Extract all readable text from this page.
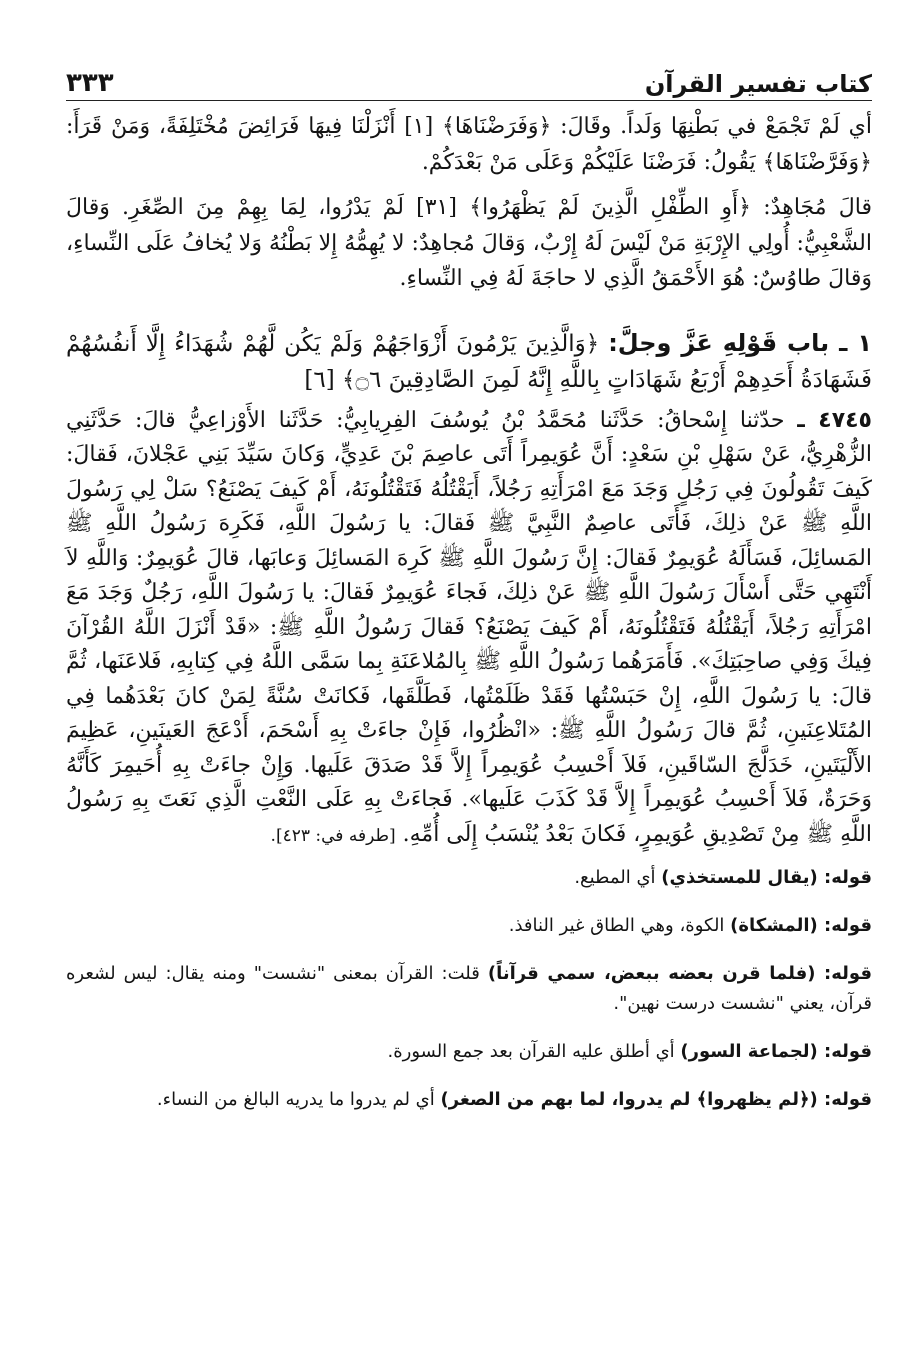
كتاب تفسير القرآن
٣٣٣

أي لَمْ تَجْمَعْ في بَطْنِهَا وَلَداً. وقَالَ: ﴿وَفَرَضْنَاهَا﴾ [١] أَنْزَلْنَا فِيهَا فَرَائِضَ مُخْتَلِفَةً، وَمَنْ قَرَأَ: ﴿وَفَرَّضْنَاهَا﴾ يَقُولُ: فَرَضْنَا عَلَيْكُمْ وَعَلَى مَنْ بَعْدَكُمْ.

قالَ مُجَاهِدٌ: ﴿أَوِ الطِّفْلِ الَّذِينَ لَمْ يَظْهَرُوا﴾ [٣١] لَمْ يَدْرُوا، لِمَا بِهِمْ مِنَ الصِّغَرِ. وَقالَ الشَّعْبِيُّ: أُولِي الإِرْبَةِ مَنْ لَيْسَ لَهُ إِرْبٌ، وَقالَ مُجاهِدٌ: لا يُهِمُّهُ إِلا بَطْنُهُ وَلا يُخافُ عَلَى النِّساءِ، وَقالَ طاوُسٌ: هُوَ الأَحْمَقُ الَّذِي لا حاجَةَ لَهُ فِي النِّساءِ.

١ ـ باب قَوْلِهِ عَزَّ وجلَّ: ﴿وَالَّذِينَ يَرْمُونَ أَزْوَاجَهُمْ وَلَمْ يَكُن لَّهُمْ شُهَدَاءُ إِلَّا أَنفُسُهُمْ فَشَهَادَةُ أَحَدِهِمْ أَرْبَعُ شَهَادَاتٍ بِاللَّهِ إِنَّهُ لَمِنَ الصَّادِقِينَ ۝٦﴾ [٦]
٤٧٤٥ ـ حدّثنا إِسْحاقُ: حَدَّثَنا مُحَمَّدُ بْنُ يُوسُفَ الفِرِيابِيُّ: حَدَّثَنا الأَوْزاعِيُّ قالَ: حَدَّثَنِي الزُّهْرِيُّ، عَنْ سَهْلِ بْنِ سَعْدٍ: أَنَّ عُوَيمِراً أَتَى عاصِمَ بْنَ عَدِيٍّ، وَكانَ سَيِّدَ بَنِي عَجْلانَ، فَقالَ: كَيفَ تَقُولُونَ فِي رَجُلٍ وَجَدَ مَعَ امْرَأَتِهِ رَجُلاً، أَيَقْتُلُهُ فَتَقْتُلُونَهُ، أَمْ كَيفَ يَصْنَعُ؟ سَلْ لِي رَسُولَ اللَّهِ ﷺ عَنْ ذلِكَ، فَأَتَى عاصِمٌ النَّبِيَّ ﷺ فَقالَ: يا رَسُولَ اللَّهِ، فَكَرِهَ رَسُولُ اللَّهِ ﷺ المَسائِلَ، فَسَأَلَهُ عُوَيمِرٌ فَقالَ: إِنَّ رَسُولَ اللَّهِ ﷺ كَرِهَ المَسائِلَ وَعابَها، قالَ عُوَيمِرٌ: وَاللَّهِ لاَ أَنْتَهِي حَتَّى أَسْأَلَ رَسُولَ اللَّهِ ﷺ عَنْ ذلِكَ، فَجاءَ عُوَيمِرٌ فَقالَ: يا رَسُولَ اللَّهِ، رَجُلٌ وَجَدَ مَعَ امْرَأَتِهِ رَجُلاً، أَيَقْتُلُهُ فَتَقْتُلُونَهُ، أَمْ كَيفَ يَصْنَعُ؟ فَقالَ رَسُولُ اللَّهِ ﷺ: «قَدْ أَنْزَلَ اللَّهُ القُرْآنَ فِيكَ وَفِي صاحِبَتِكَ». فَأَمَرَهُما رَسُولُ اللَّهِ ﷺ بِالمُلاعَنَةِ بِما سَمَّى اللَّهُ فِي كِتابِهِ، فَلاعَنَها، ثُمَّ قالَ: يا رَسُولَ اللَّهِ، إِنْ حَبَسْتُها فَقَدْ ظَلَمْتُها، فَطَلَّقَها، فَكانَتْ سُنَّةً لِمَنْ كانَ بَعْدَهُما فِي المُتَلاعِنَينِ، ثُمَّ قالَ رَسُولُ اللَّهِ ﷺ: «انْظُرُوا، فَإِنْ جاءَتْ بِهِ أَسْحَمَ، أَدْعَجَ العَينَينِ، عَظِيمَ الأَلْيَتَينِ، خَدَلَّجَ السّاقَينِ، فَلاَ أَحْسِبُ عُوَيمِراً إِلاَّ قَدْ صَدَقَ عَلَيها. وَإِنْ جاءَتْ بِهِ أُحَيمِرَ كَأَنَّهُ وَحَرَةٌ، فَلاَ أَحْسِبُ عُوَيمِراً إِلاَّ قَدْ كَذَبَ عَلَيها». فَجاءَتْ بِهِ عَلَى النَّعْتِ الَّذِي نَعَتَ بِهِ رَسُولُ اللَّهِ ﷺ مِنْ تَصْدِيقِ عُوَيمِرٍ، فَكانَ بَعْدُ يُنْسَبُ إِلَى أُمِّهِ. [طرفه في: ٤٢٣].

قوله: (يقال للمستخذي) أي المطيع.

قوله: (المشكاة) الكوة، وهي الطاق غير النافذ.

قوله: (فلما قرن بعضه ببعض، سمي قرآناً) قلت: القرآن بمعنى "نشست" ومنه يقال: ليس لشعره قرآن، يعني "نشست درست نهين".

قوله: (لجماعة السور) أي أطلق عليه القرآن بعد جمع السورة.

قوله: (﴿لم يظهروا﴾ لم يدروا، لما بهم من الصغر) أي لم يدروا ما يدريه البالغ من النساء.
